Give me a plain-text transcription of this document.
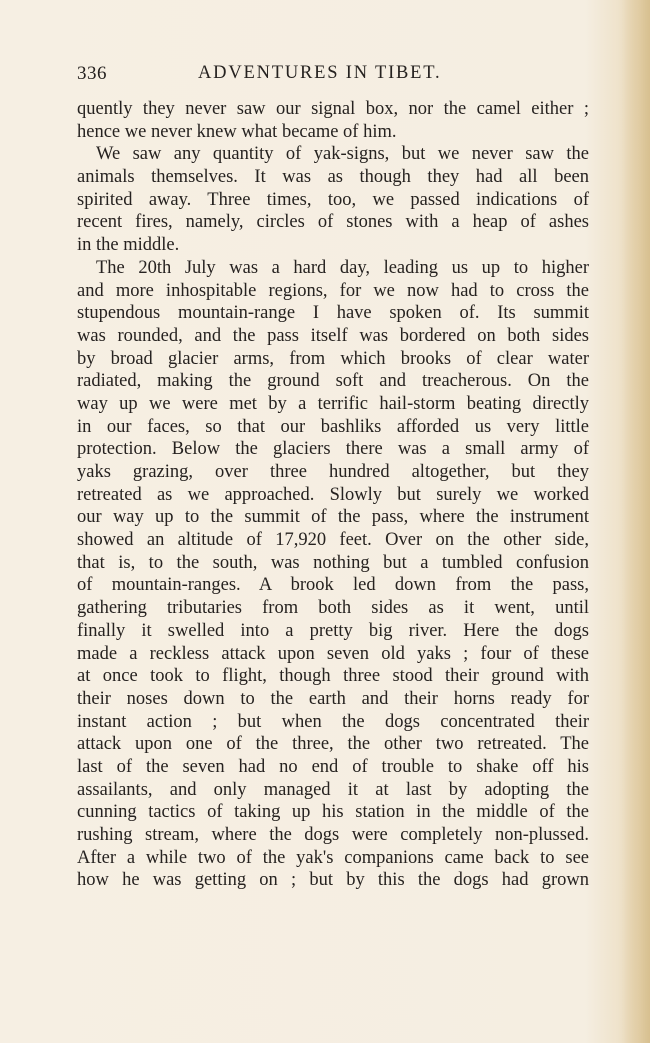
336	ADVENTURES IN TIBET.
quently they never saw our signal box, nor the camel either ;
hence we never knew what became of him.
We saw any quantity of yak-signs, but we never saw the
animals themselves. It was as though they had all been
spirited away. Three times, too, we passed indications of
recent fires, namely, circles of stones with a heap of ashes
in the middle.
The 20th July was a hard day, leading us up to higher
and more inhospitable regions, for we now had to cross the
stupendous mountain-range I have spoken of. Its summit
was rounded, and the pass itself was bordered on both sides
by broad glacier arms, from which brooks of clear water
radiated, making the ground soft and treacherous. On the
way up we were met by a terrific hail-storm beating directly
in our faces, so that our bashliks afforded us very little
protection. Below the glaciers there was a small army of
yaks grazing, over three hundred altogether, but they
retreated as we approached. Slowly but surely we worked
our way up to the summit of the pass, where the instrument
showed an altitude of 17,920 feet. Over on the other side,
that is, to the south, was nothing but a tumbled confusion
of mountain-ranges. A brook led down from the pass,
gathering tributaries from both sides as it went, until
finally it swelled into a pretty big river. Here the dogs
made a reckless attack upon seven old yaks ; four of these
at once took to flight, though three stood their ground with
their noses down to the earth and their horns ready for
instant action ; but when the dogs concentrated their
attack upon one of the three, the other two retreated. The
last of the seven had no end of trouble to shake off his
assailants, and only managed it at last by adopting the
cunning tactics of taking up his station in the middle of the
rushing stream, where the dogs were completely non-plussed.
After a while two of the yak's companions came back to see
how he was getting on ; but by this the dogs had grown
